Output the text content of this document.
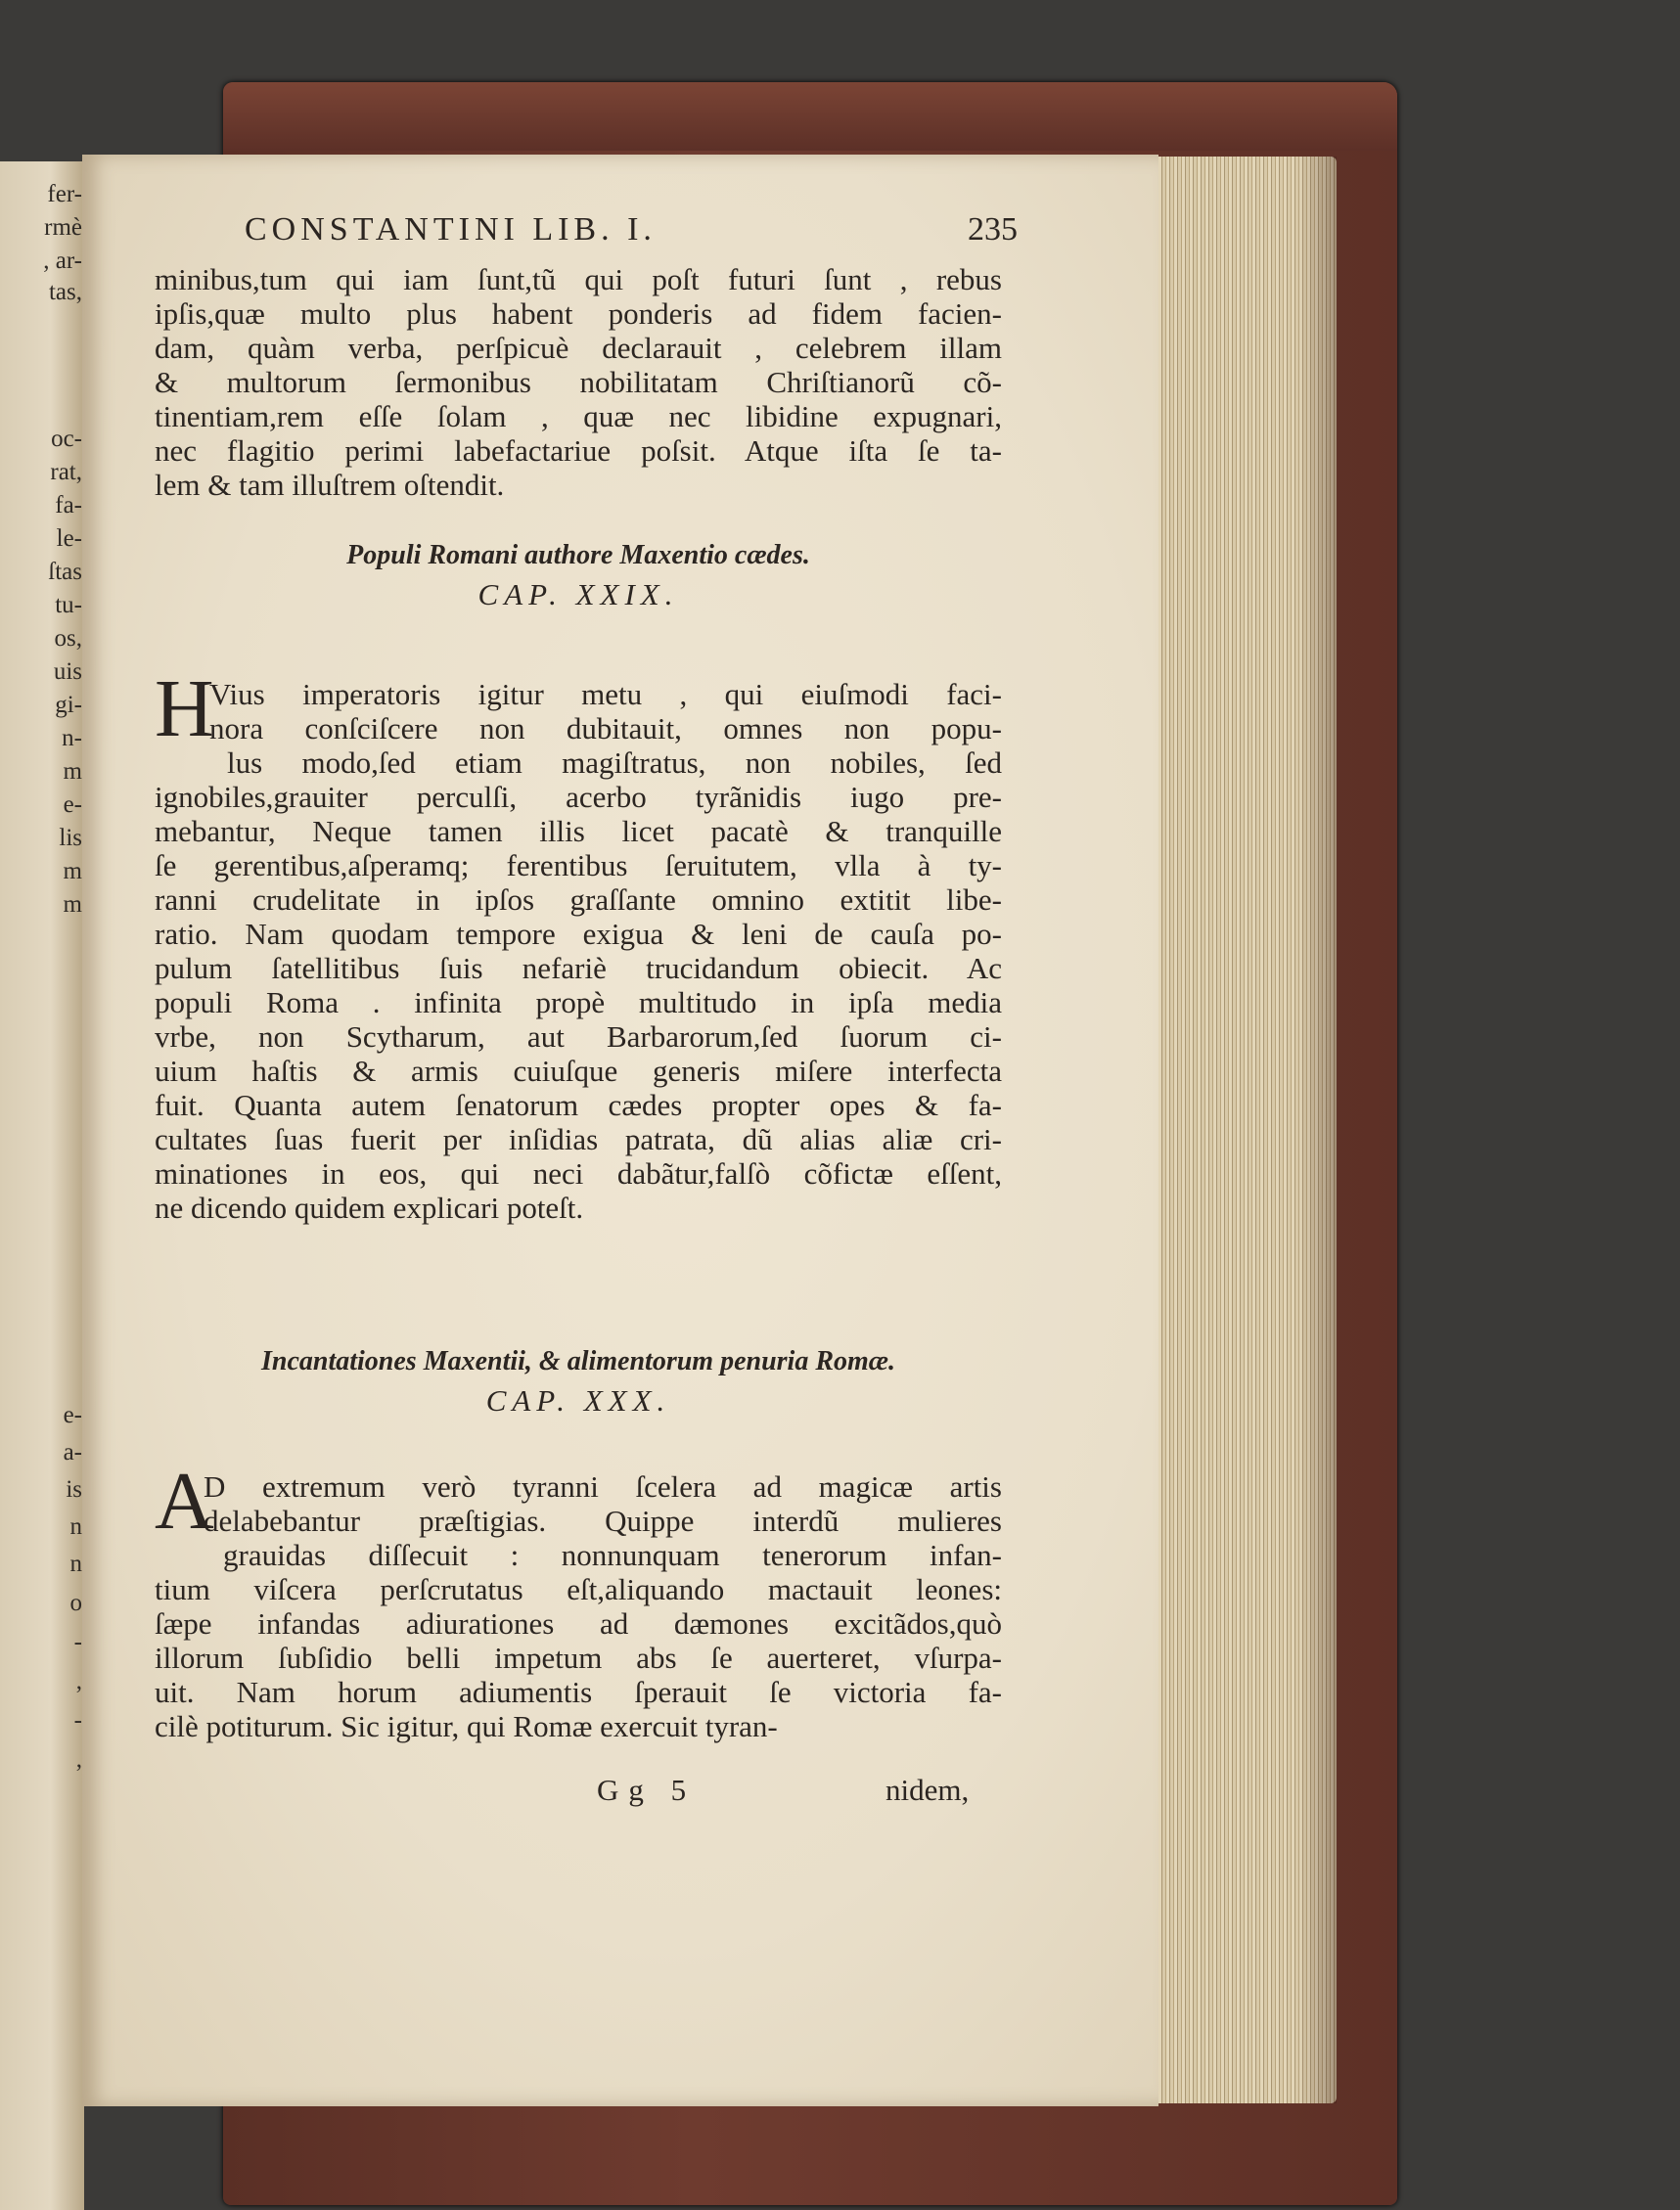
fer-
rmè
, ar-
tas,
oc-
rat,
fa-
le-
ſtas
tu-
os,
uis
gi-
n-
m
e-
lis
m
m
e-
a-
is
n
n
o
-
,
-
,
CONSTANTINI LIB. I.	235
minibus,tum qui iam ſunt,tũ qui poſt futuri ſunt , rebus
ipſis,quæ multo plus habent ponderis ad fidem facien-
dam, quàm verba, perſpicuè declarauit , celebrem illam
& multorum ſermonibus nobilitatam Chriſtianorũ cõ-
tinentiam,rem eſſe ſolam , quæ nec libidine expugnari,
nec flagitio perimi labefactariue poſsit. Atque iſta ſe ta-
lem & tam illuſtrem oſtendit.
Populi Romani authore Maxentio cædes.
CAP. XXIX.
H
Vius imperatoris igitur metu , qui eiuſmodi faci-
nora conſciſcere non dubitauit, omnes non popu-
lus modo,ſed etiam magiſtratus, non nobiles, ſed
ignobiles,grauiter perculſi, acerbo tyrãnidis iugo pre-
mebantur, Neque tamen illis licet pacatè & tranquille
ſe gerentibus,aſperamq; ferentibus ſeruitutem, vlla à ty-
ranni crudelitate in ipſos graſſante omnino extitit libe-
ratio. Nam quodam tempore exigua & leni de cauſa po-
pulum ſatellitibus ſuis nefariè trucidandum obiecit. Ac
populi Roma . infinita propè multitudo in ipſa media
vrbe, non Scytharum, aut Barbarorum,ſed ſuorum ci-
uium haſtis & armis cuiuſque generis miſere interfecta
fuit. Quanta autem ſenatorum cædes propter opes & fa-
cultates ſuas fuerit per inſidias patrata, dũ alias aliæ cri-
minationes in eos, qui neci dabãtur,falſò cõfictæ eſſent,
ne dicendo quidem explicari poteſt.
Incantationes Maxentii, & alimentorum penuria Romæ.
CAP. XXX.
A
D extremum verò tyranni ſcelera ad magicæ artis
delabebantur præſtigias. Quippe interdũ mulieres
grauidas diſſecuit : nonnunquam tenerorum infan-
tium viſcera perſcrutatus eſt,aliquando mactauit leones:
ſæpe infandas adiurationes ad dæmones excitãdos,quò
illorum ſubſidio belli impetum abs ſe auerteret, vſurpa-
uit. Nam horum adiumentis ſperauit ſe victoria fa-
cilè potiturum. Sic igitur, qui Romæ exercuit tyran-
Gg 5	nidem,
